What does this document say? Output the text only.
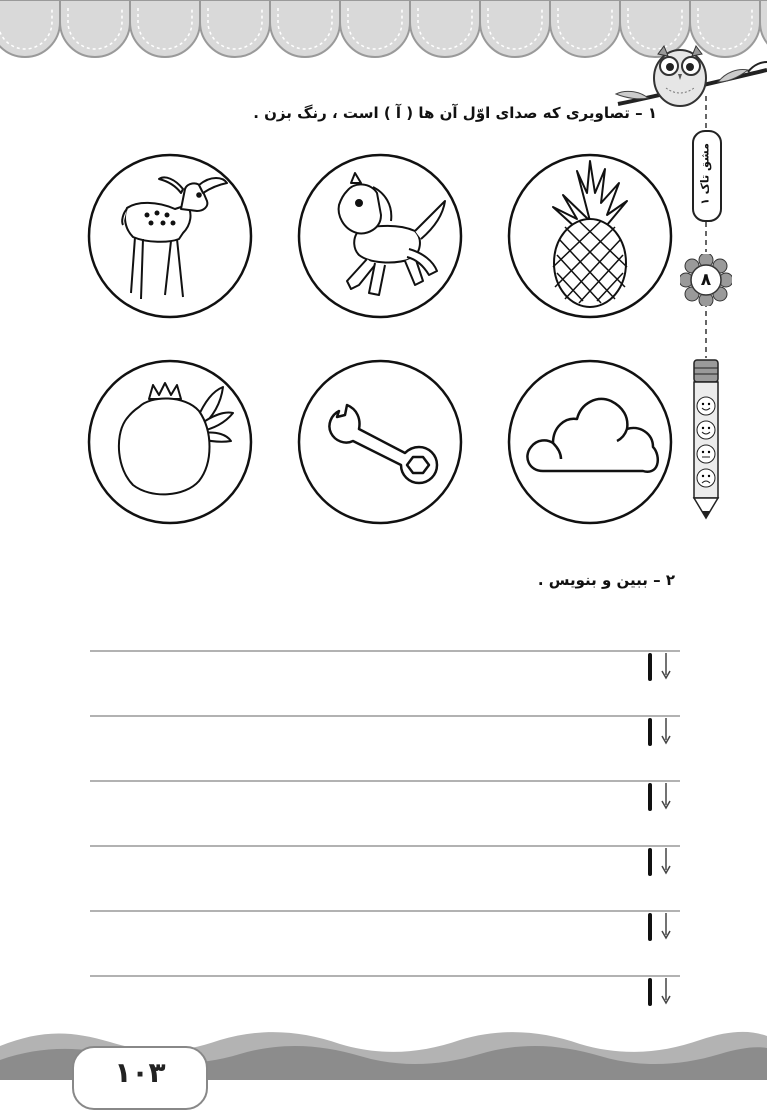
۱ – تصاویری که صدای اوّل آن ها ( آ ) است ، رنگ بزن .
مشق تاک ۱
۸
۲ – ببین و بنویس .
۱۰۳
